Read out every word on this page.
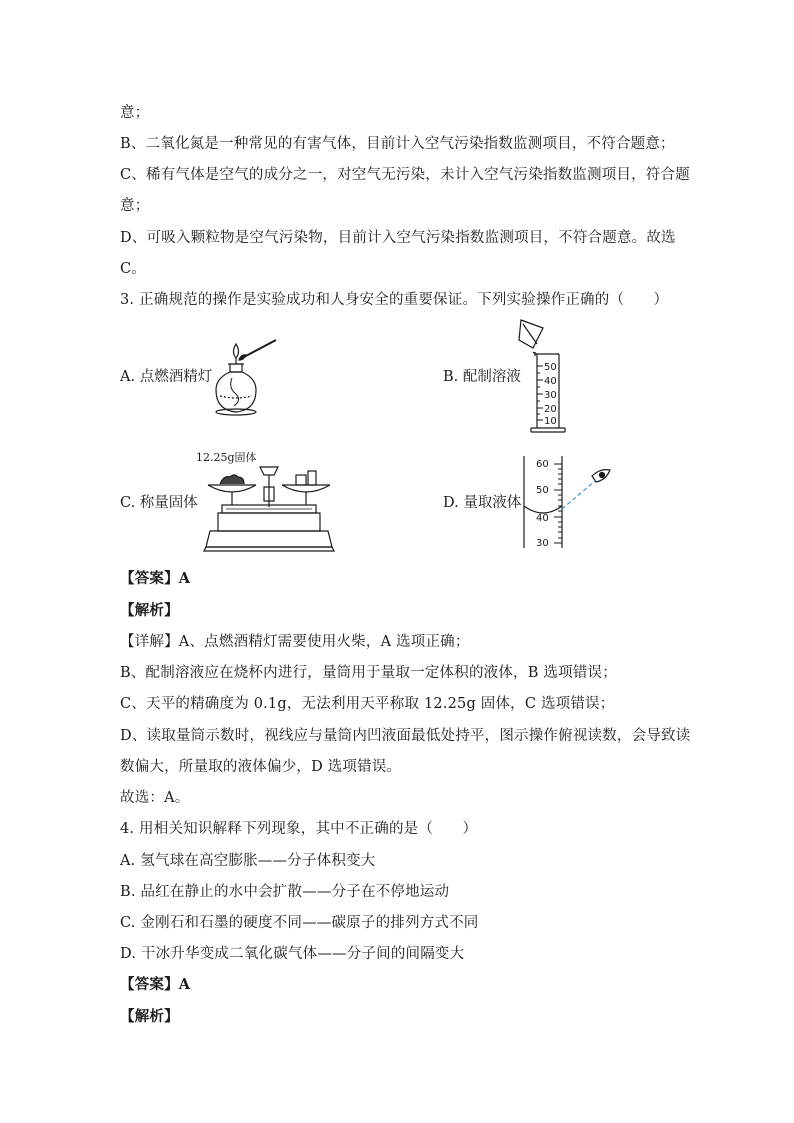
意；
B、二氧化氮是一种常见的有害气体，目前计入空气污染指数监测项目，不符合题意；
C、稀有气体是空气的成分之一，对空气无污染，未计入空气污染指数监测项目，符合题
意；
D、可吸入颗粒物是空气污染物，目前计入空气污染指数监测项目，不符合题意。故选
C。
3. 正确规范的操作是实验成功和人身安全的重要保证。下列实验操作正确的（　　）
A. 点燃酒精灯	B. 配制溶液
C. 称量固体	D. 量取液体
50
40
30
20
10
12.25g固体
60
50
40
30
【答案】A
【解析】
【详解】A、点燃酒精灯需要使用火柴，A 选项正确；
B、配制溶液应在烧杯内进行，量筒用于量取一定体积的液体，B 选项错误；
C、天平的精确度为 0.1g，无法利用天平称取 12.25g 固体，C 选项错误；
D、读取量筒示数时，视线应与量筒内凹液面最低处持平，图示操作俯视读数，会导致读
数偏大，所量取的液体偏少，D 选项错误。
故选：A。
4. 用相关知识解释下列现象，其中不正确的是（　　）
A. 氢气球在高空膨胀——分子体积变大
B. 品红在静止的水中会扩散——分子在不停地运动
C. 金刚石和石墨的硬度不同——碳原子的排列方式不同
D. 干冰升华变成二氧化碳气体——分子间的间隔变大
【答案】A
【解析】
